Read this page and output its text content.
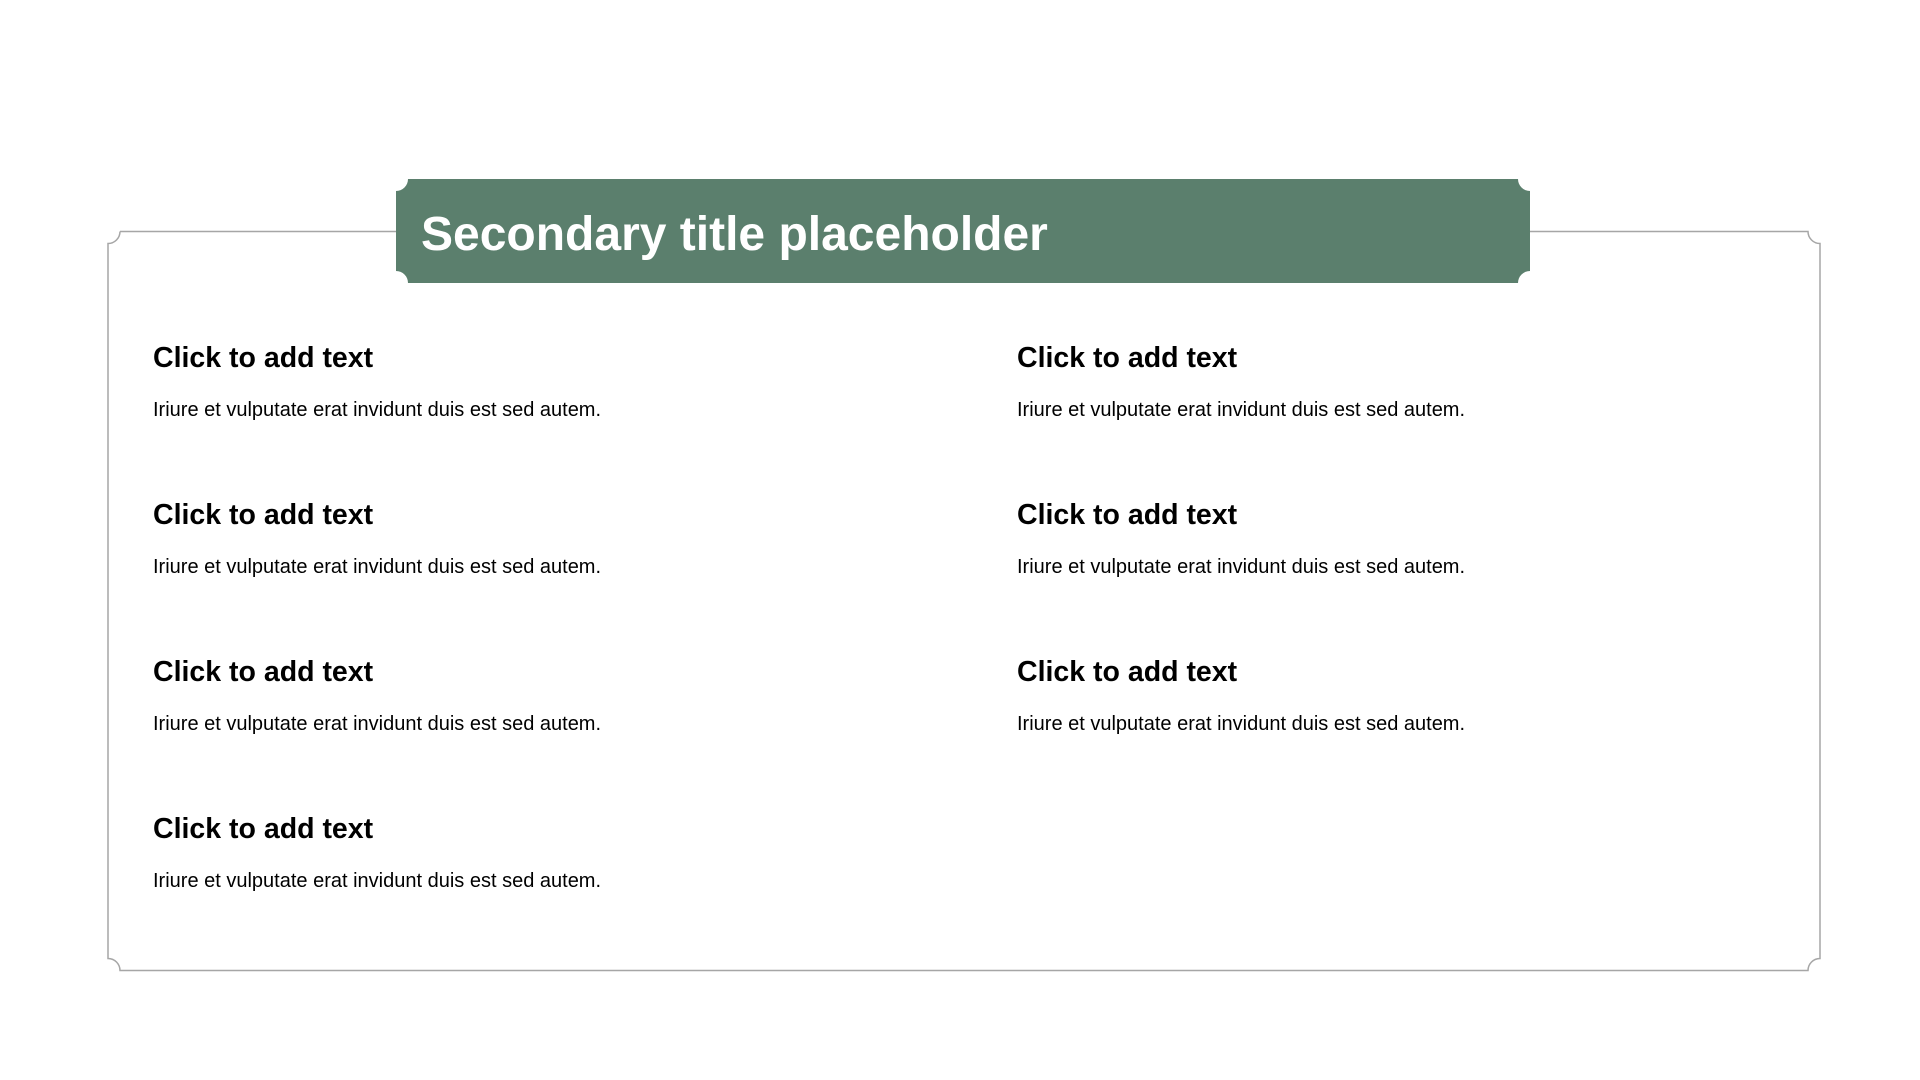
Secondary title placeholder
Click to add text
Iriure et vulputate erat invidunt duis est sed autem.
Click to add text
Iriure et vulputate erat invidunt duis est sed autem.
Click to add text
Iriure et vulputate erat invidunt duis est sed autem.
Click to add text
Iriure et vulputate erat invidunt duis est sed autem.
Click to add text
Iriure et vulputate erat invidunt duis est sed autem.
Click to add text
Iriure et vulputate erat invidunt duis est sed autem.
Click to add text
Iriure et vulputate erat invidunt duis est sed autem.
